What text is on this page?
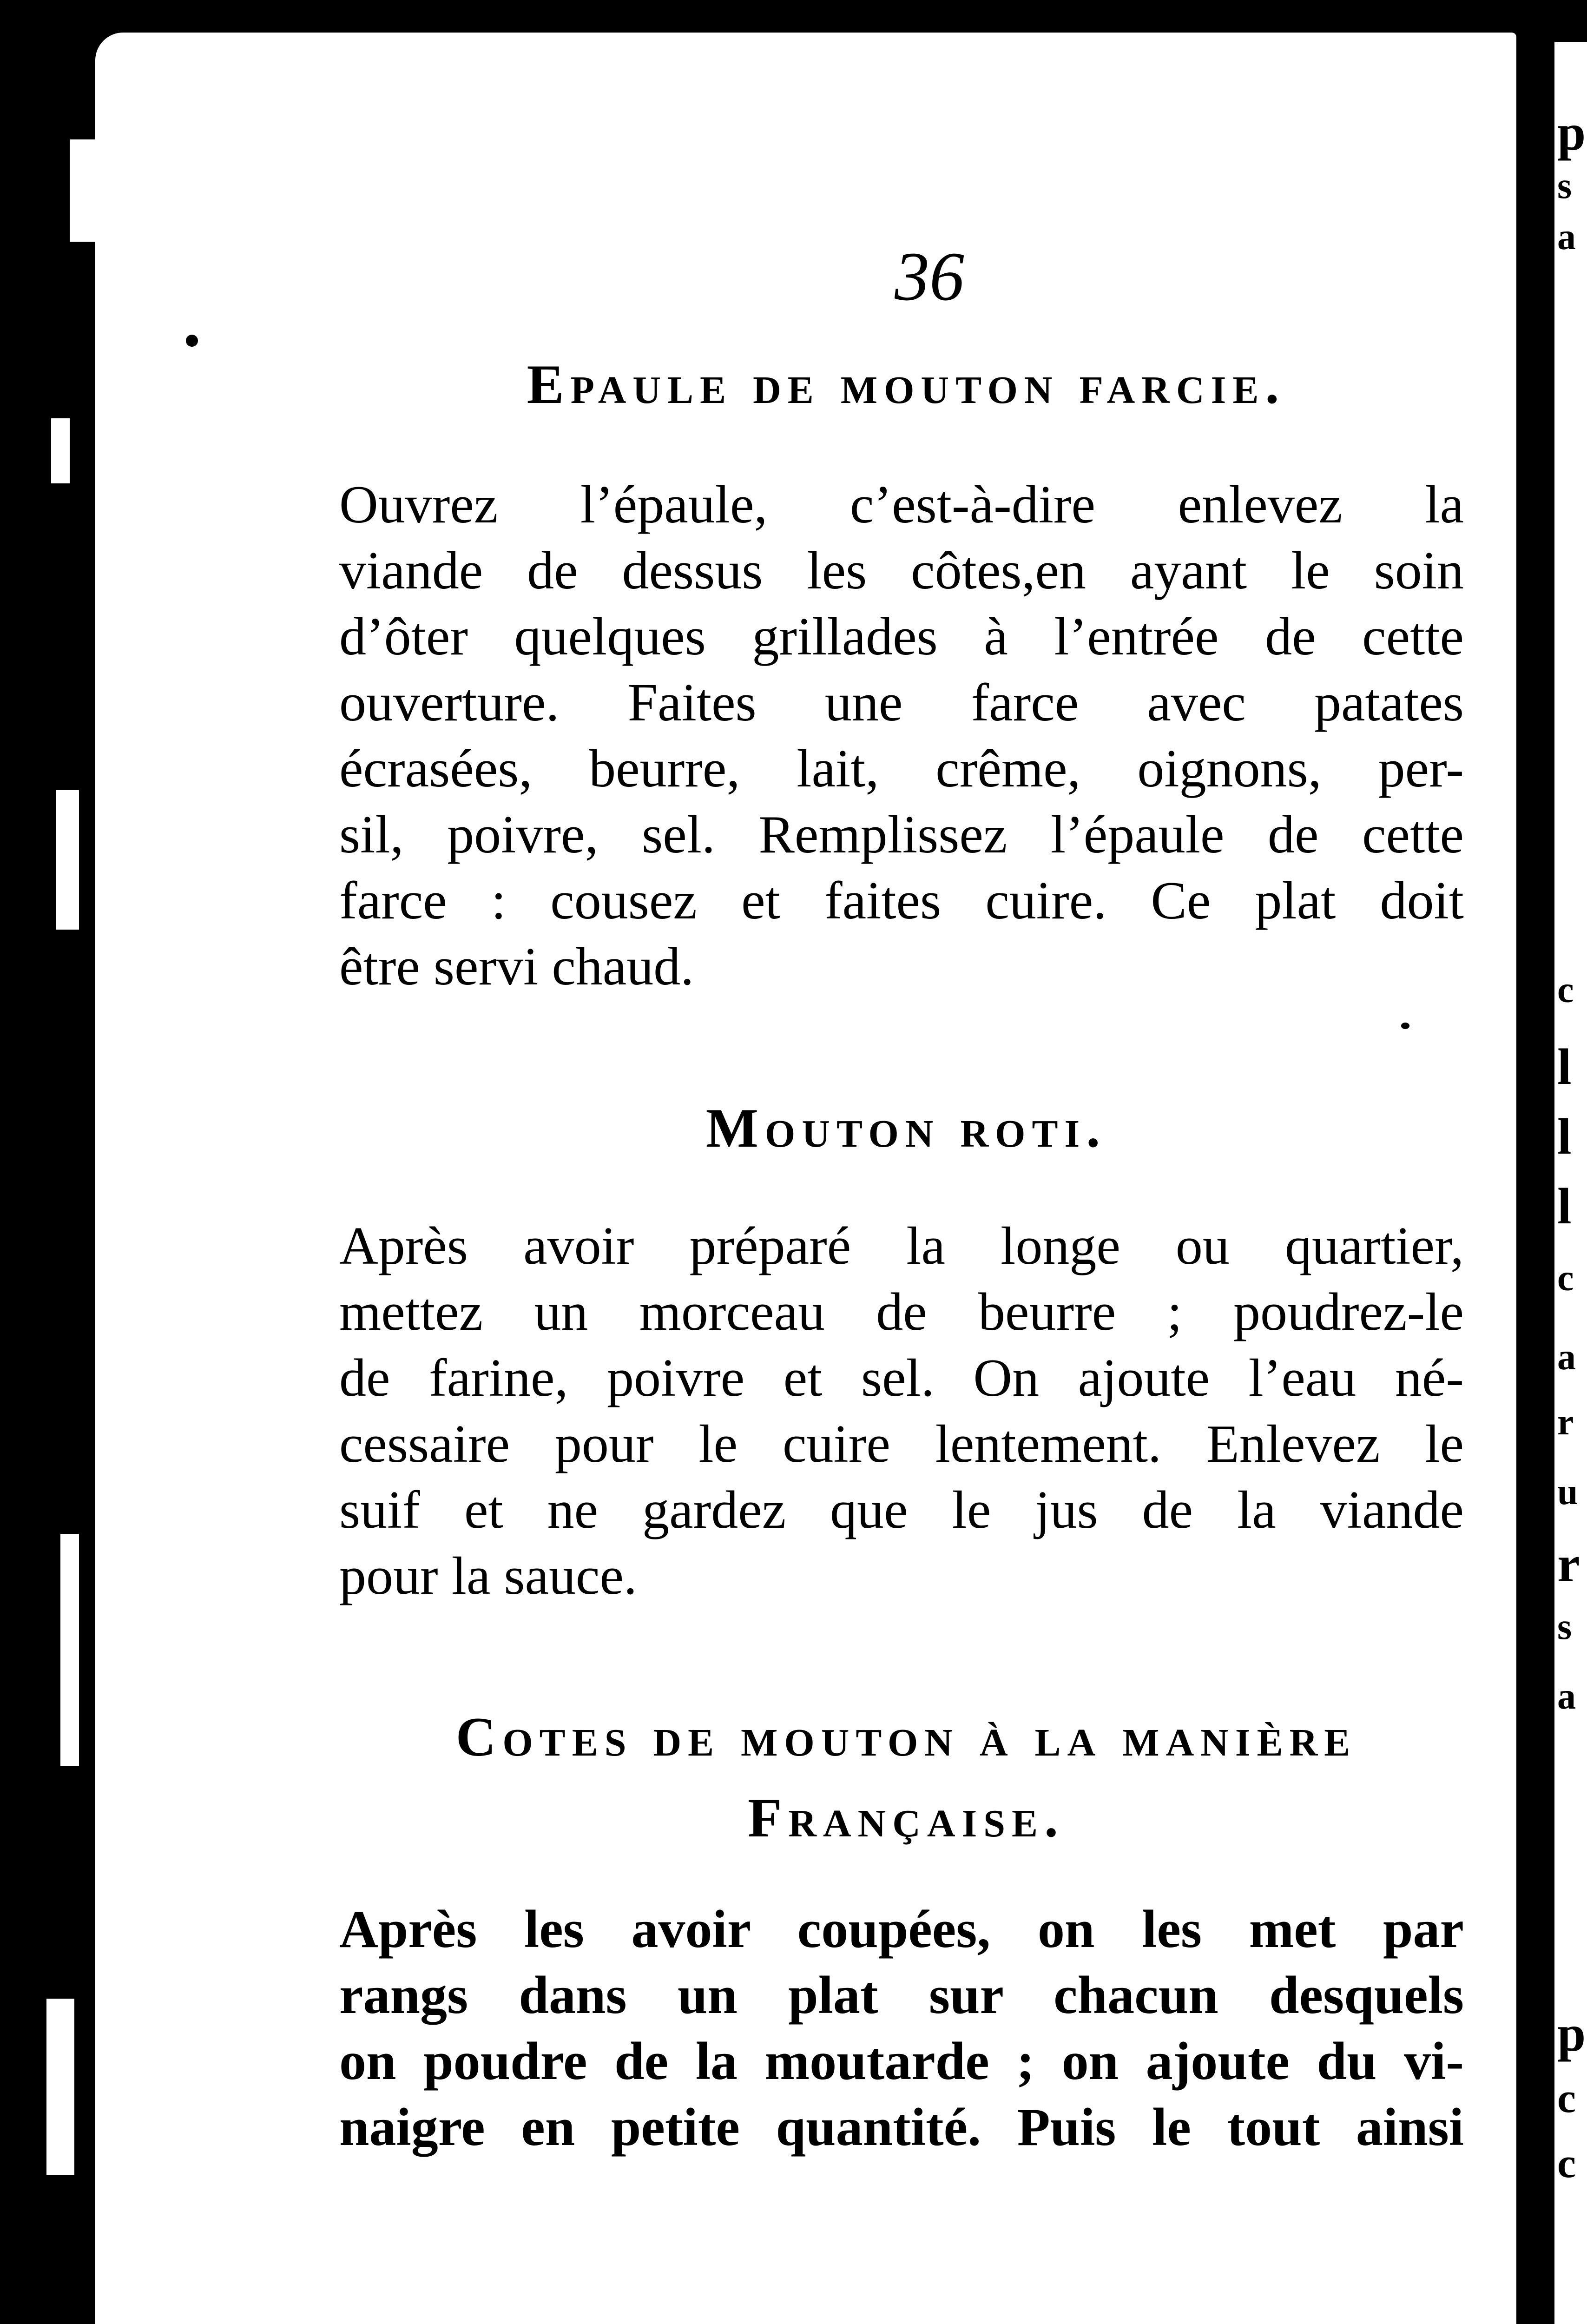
p
s
a
c
l
l
l
c
a
r
u
r
s
a
p
c
c
36
Epaule de mouton farcie.
Ouvrez l’épaule, c’est-à-dire enlevez la
viande de dessus les côtes,en ayant le soin
d’ôter quelques grillades à l’entrée de cette
ouverture. Faites une farce avec patates
écrasées, beurre, lait, crême, oignons, per-
sil, poivre, sel. Remplissez l’épaule de cette
farce : cousez et faites cuire. Ce plat doit
être servi chaud.
Mouton roti.
Après avoir préparé la longe ou quartier,
mettez un morceau de beurre ; poudrez-le
de farine, poivre et sel. On ajoute l’eau né-
cessaire pour le cuire lentement. Enlevez le
suif et ne gardez que le jus de la viande
pour la sauce.
Cotes de mouton à la manière
Française.
Après les avoir coupées, on les met par
rangs dans un plat sur chacun desquels
on poudre de la moutarde ; on ajoute du vi-
naigre en petite quantité. Puis le tout ainsi
